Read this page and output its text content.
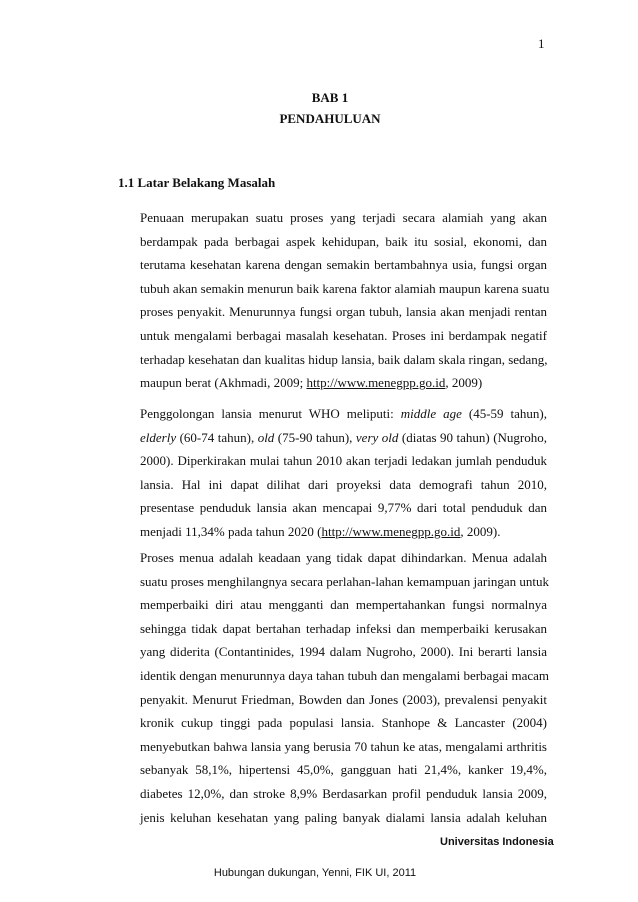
1
BAB 1
PENDAHULUAN
1.1 Latar Belakang Masalah
Penuaan merupakan suatu proses yang terjadi secara alamiah yang akan
berdampak pada berbagai aspek kehidupan, baik itu sosial, ekonomi, dan
terutama kesehatan karena dengan semakin bertambahnya usia, fungsi organ
tubuh akan semakin menurun baik karena faktor alamiah maupun karena suatu
proses penyakit. Menurunnya fungsi organ tubuh, lansia akan menjadi rentan
untuk mengalami berbagai masalah kesehatan. Proses ini berdampak negatif
terhadap kesehatan dan kualitas hidup lansia, baik dalam skala ringan, sedang,
maupun berat (Akhmadi, 2009; http://www.menegpp.go.id, 2009)
Penggolongan lansia menurut WHO meliputi: middle age (45-59 tahun),
elderly (60-74 tahun), old (75-90 tahun), very old (diatas 90 tahun) (Nugroho,
2000). Diperkirakan mulai tahun 2010 akan terjadi ledakan jumlah penduduk
lansia. Hal ini dapat dilihat dari proyeksi data demografi tahun 2010,
presentase penduduk lansia akan mencapai 9,77% dari total penduduk dan
menjadi 11,34% pada tahun 2020 (http://www.menegpp.go.id, 2009).
Proses menua adalah keadaan yang tidak dapat dihindarkan. Menua adalah
suatu proses menghilangnya secara perlahan-lahan kemampuan jaringan untuk
memperbaiki diri atau mengganti dan mempertahankan fungsi normalnya
sehingga tidak dapat bertahan terhadap infeksi dan memperbaiki kerusakan
yang diderita (Contantinides, 1994 dalam Nugroho, 2000). Ini berarti lansia
identik dengan menurunnya daya tahan tubuh dan mengalami berbagai macam
penyakit. Menurut Friedman, Bowden dan Jones (2003), prevalensi penyakit
kronik cukup tinggi pada populasi lansia. Stanhope & Lancaster (2004)
menyebutkan bahwa lansia yang berusia 70 tahun ke atas, mengalami arthritis
sebanyak 58,1%, hipertensi 45,0%, gangguan hati 21,4%, kanker 19,4%,
diabetes 12,0%, dan stroke 8,9% Berdasarkan profil penduduk lansia 2009,
jenis keluhan kesehatan yang paling banyak dialami lansia adalah keluhan
Universitas Indonesia
Hubungan dukungan, Yenni, FIK UI, 2011
